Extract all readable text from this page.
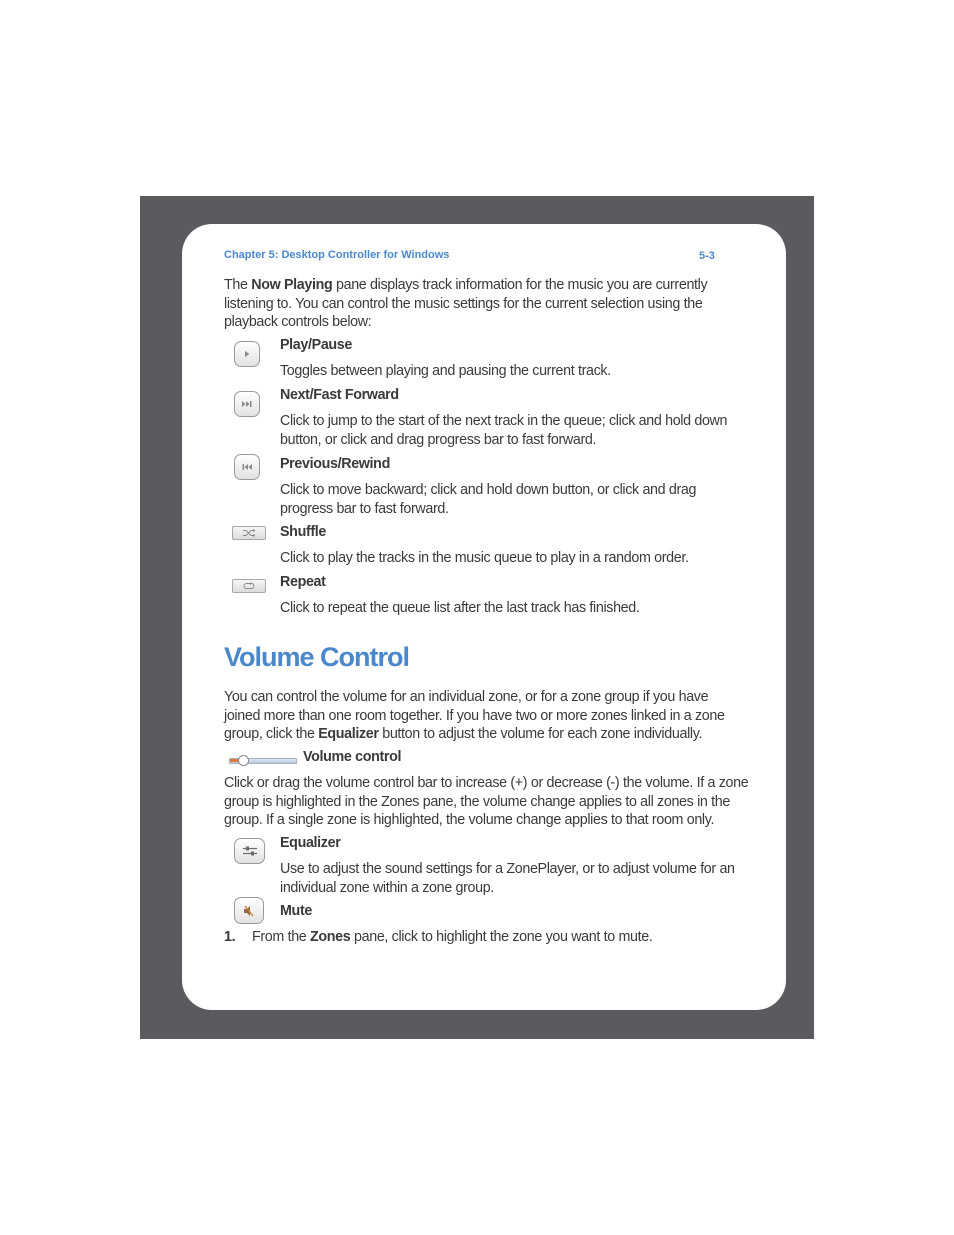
Chapter 5: Desktop Controller for Windows	5-3
The Now Playing pane displays track information for the music you are currently
listening to. You can control the music settings for the current selection using the
playback controls below:
Play/Pause
Toggles between playing and pausing the current track.
Next/Fast Forward
Click to jump to the start of the next track in the queue; click and hold down
button, or click and drag progress bar to fast forward.
Previous/Rewind
Click to move backward; click and hold down button, or click and drag
progress bar to fast forward.
Shuffle
Click to play the tracks in the music queue to play in a random order.
Repeat
Click to repeat the queue list after the last track has finished.
Volume Control
You can control the volume for an individual zone, or for a zone group if you have
joined more than one room together. If you have two or more zones linked in a zone
group, click the Equalizer button to adjust the volume for each zone individually.
Volume control
Click or drag the volume control bar to increase (+) or decrease (-) the volume. If a zone
group is highlighted in the Zones pane, the volume change applies to all zones in the
group. If a single zone is highlighted, the volume change applies to that room only.
Equalizer
Use to adjust the sound settings for a ZonePlayer, or to adjust volume for an
individual zone within a zone group.
Mute
1. From the Zones pane, click to highlight the zone you want to mute.
